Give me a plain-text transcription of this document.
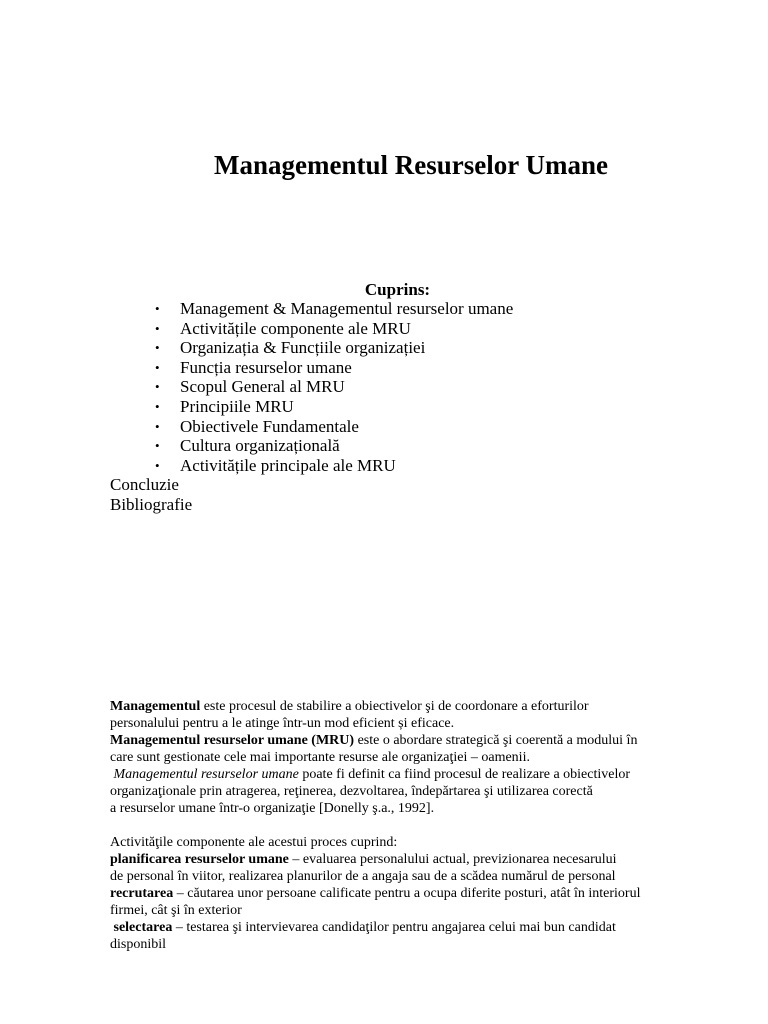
Managementul Resurselor Umane
Cuprins:
• Management & Managementul resurselor umane
• Activitățile componente ale MRU
• Organizația & Funcțiile organizației
• Funcția resurselor umane
• Scopul General al MRU
• Principiile MRU
• Obiectivele Fundamentale
• Cultura organizațională
• Activitățile principale ale MRU
Concluzie
Bibliografie

Managementul este procesul de stabilire a obiectivelor şi de coordonare a eforturilor

personalului pentru a le atinge într-un mod eficient și eficace.

Managementul resurselor umane (MRU) este o abordare strategică şi coerentă a modului în

care sunt gestionate cele mai importante resurse ale organizaţiei – oamenii.

Managementul resurselor umane poate fi definit ca fiind procesul de realizare a obiectivelor

organizaţionale prin atragerea, reţinerea, dezvoltarea, îndepărtarea şi utilizarea corectă

a resurselor umane într-o organizaţie [Donelly ş.a., 1992].

Activităţile componente ale acestui proces cuprind:

planificarea resurselor umane – evaluarea personalului actual, previzionarea necesarului

de personal în viitor, realizarea planurilor de a angaja sau de a scădea numărul de personal

recrutarea – căutarea unor persoane calificate pentru a ocupa diferite posturi, atât în interiorul

firmei, cât şi în exterior

selectarea – testarea şi intervievarea candidaţilor pentru angajarea celui mai bun candidat

disponibil
